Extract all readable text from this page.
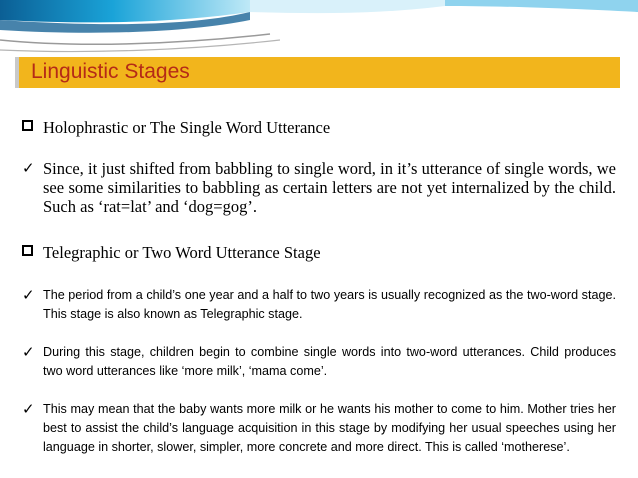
Linguistic Stages
Holophrastic or The Single Word Utterance
✓ Since, it just shifted from babbling to single word, in it’s utterance of single words, we see some similarities to babbling as certain letters are not yet internalized by the child. Such as ‘rat=lat’ and ‘dog=gog’.
Telegraphic or Two Word Utterance Stage
✓ The period from a child’s one year and a half to two years is usually recognized as the two-word stage. This stage is also known as Telegraphic stage.
✓ During this stage, children begin to combine single words into two-word utterances. Child produces two word utterances like ‘more milk’, ‘mama come’.
✓ This may mean that the baby wants more milk or he wants his mother to come to him. Mother tries her best to assist the child’s language acquisition in this stage by modifying her usual speeches using her language in shorter, slower, simpler, more concrete and more direct. This is called ‘motherese’.
